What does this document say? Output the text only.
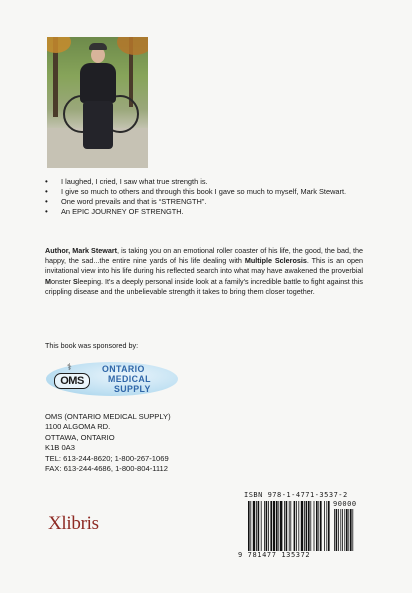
• I laughed, I cried, I saw what true strength is.
• I give so much to others and through this book I gave so much to myself, Mark Stewart.
• One word prevails and that is “STRENGTH”.
• An EPIC JOURNEY OF STRENGTH.

Author, Mark Stewart, is taking you on an emotional roller coaster of his life, the good, the bad, the happy, the sad...the entire nine yards of his life dealing with Multiple Sclerosis. This is an open invitational view into his life during his reflected search into what may have awakened the proverbial Monster Sleeping. It's a deeply personal inside look at a family's incredible battle to fight against this crippling disease and the unbelievable strength it takes to bring them closer together.

This book was sponsored by:
⚕
OMS
ONTARIO
MEDICAL
SUPPLY
OMS (ONTARIO MEDICAL SUPPLY)
1100 ALGOMA RD.
OTTAWA, ONTARIO
K1B 0A3
TEL: 613-244-8620; 1-800-267-1069
FAX: 613-244-4686, 1-800-804-1112
ISBN 978-1-4771-3537-2
90000
9 781477 135372
Xlibris
